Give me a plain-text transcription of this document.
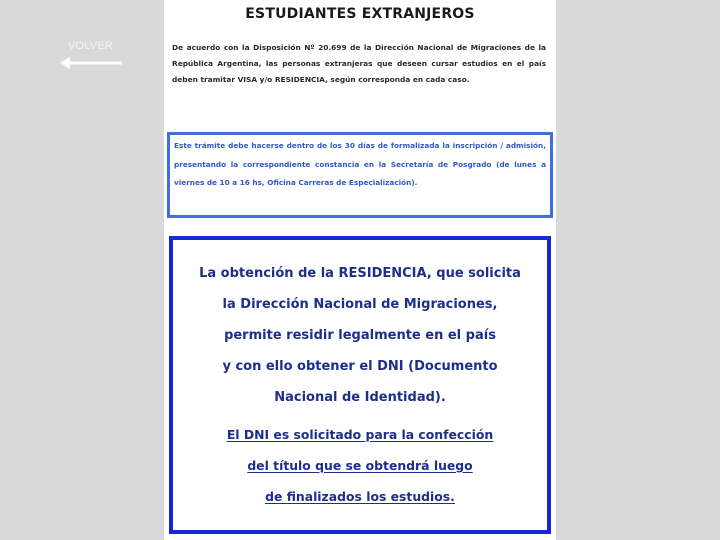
VOLVER
ESTUDIANTES EXTRANJEROS
De acuerdo con la Disposición Nº 20.699 de la Dirección Nacional de Migraciones de la República Argentina, las personas extranjeras que deseen cursar estudios en el país deben tramitar VISA y/o RESIDENCIA, según corresponda en cada caso.
Este trámite debe hacerse dentro de los 30 días de formalizada la inscripción / admisión, presentando la correspondiente constancia en la Secretaría de Posgrado (de lunes a viernes de 10 a 16 hs, Oficina Carreras de Especialización).
La obtención de la RESIDENCIA, que solicita
la Dirección Nacional de Migraciones,
permite residir legalmente en el país
y con ello obtener el DNI (Documento
Nacional de Identidad).
El DNI es solicitado para la confección
del título que se obtendrá luego
de finalizados los estudios.
